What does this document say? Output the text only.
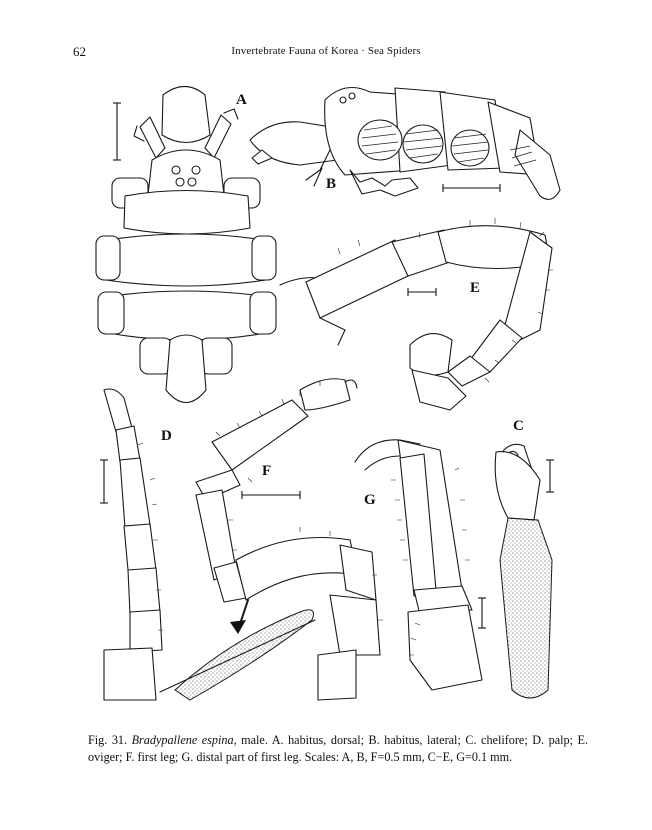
62	Invertebrate Fauna of Korea · Sea Spiders
A
B
E
D
F
G
C
Fig. 31. Bradypallene espina, male. A. habitus, dorsal; B. habitus, lateral; C. chelifore; D. palp; E. oviger; F. first leg; G. distal part of first leg. Scales: A, B, F=0.5 mm, C−E, G=0.1 mm.
